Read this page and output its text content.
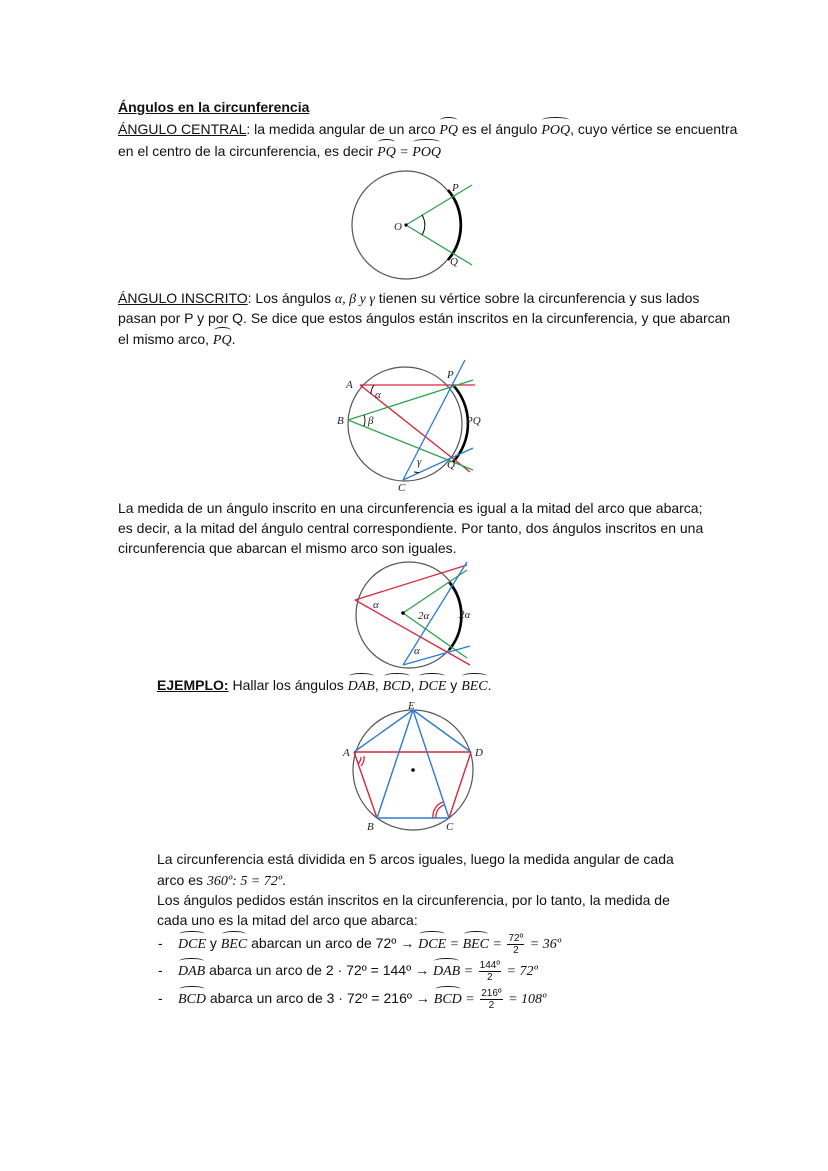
Ángulos en la circunferencia
ÁNGULO CENTRAL: la medida angular de un arco PQ es el ángulo POQ, cuyo vértice se encuentra
en el centro de la circunferencia, es decir PQ = POQ
O
P
Q
ÁNGULO INSCRITO: Los ángulos α, β y γ tienen su vértice sobre la circunferencia y sus lados
pasan por P y por Q. Se dice que estos ángulos están inscritos en la circunferencia, y que abarcan
el mismo arco, PQ.
A
B
C
P
Q
α
β
γ
PQ
La medida de un ángulo inscrito en una circunferencia es igual a la mitad del arco que abarca;
es decir, a la mitad del ángulo central correspondiente. Por tanto, dos ángulos inscritos en una
circunferencia que abarcan el mismo arco son iguales.
α
2α	2α
α
EJEMPLO: Hallar los ángulos DAB, BCD, DCE y BEC.
E
A	D
B	C
La circunferencia está dividida en 5 arcos iguales, luego la medida angular de cada
arco es 360º: 5 = 72º.
Los ángulos pedidos están inscritos en la circunferencia, por lo tanto, la medida de
cada uno es la mitad del arco que abarca:
- DCE y BEC abarcan un arco de 72º → DCE = BEC = $\frac{\text{72º}}{2}$ = 36º
- DAB abarca un arco de 2 · 72º = 144º → DAB = $\frac{\text{144º}}{2}$ = 72º
- BCD abarca un arco de 3 · 72º = 216º → BCD = $\frac{\text{216º}}{2}$ = 108º
